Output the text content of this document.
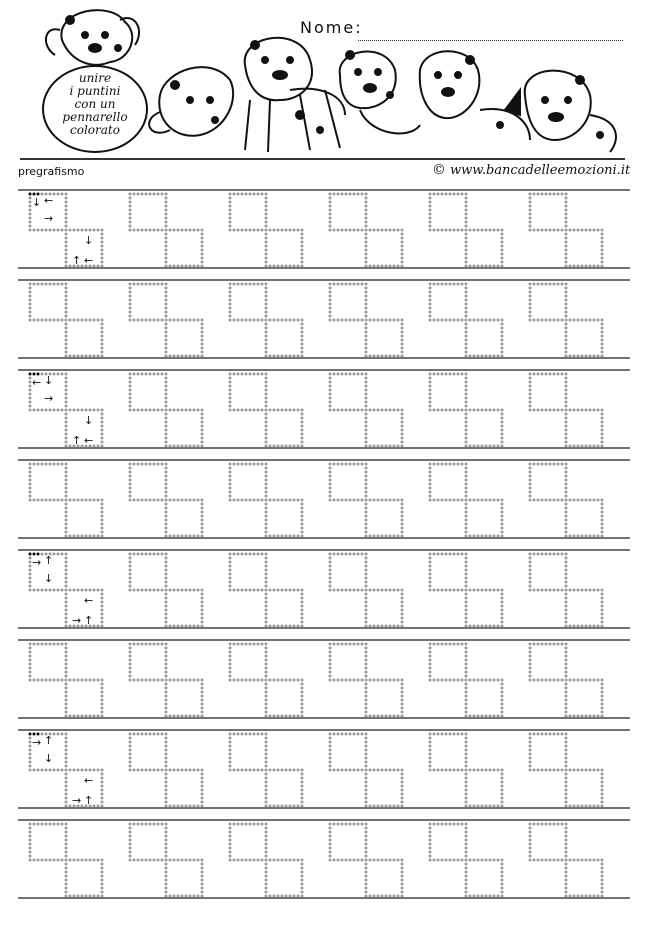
unire
i puntini
con un
pennarello
colorato
Nome:
pregrafismo	© www.bancadelleemozioni.it
↓ ←
→
↓
↑ ←
← ↓
→
↓
↑ ←
→ ↑
↓
←
→ ↑
→ ↑
↓
←
→ ↑
